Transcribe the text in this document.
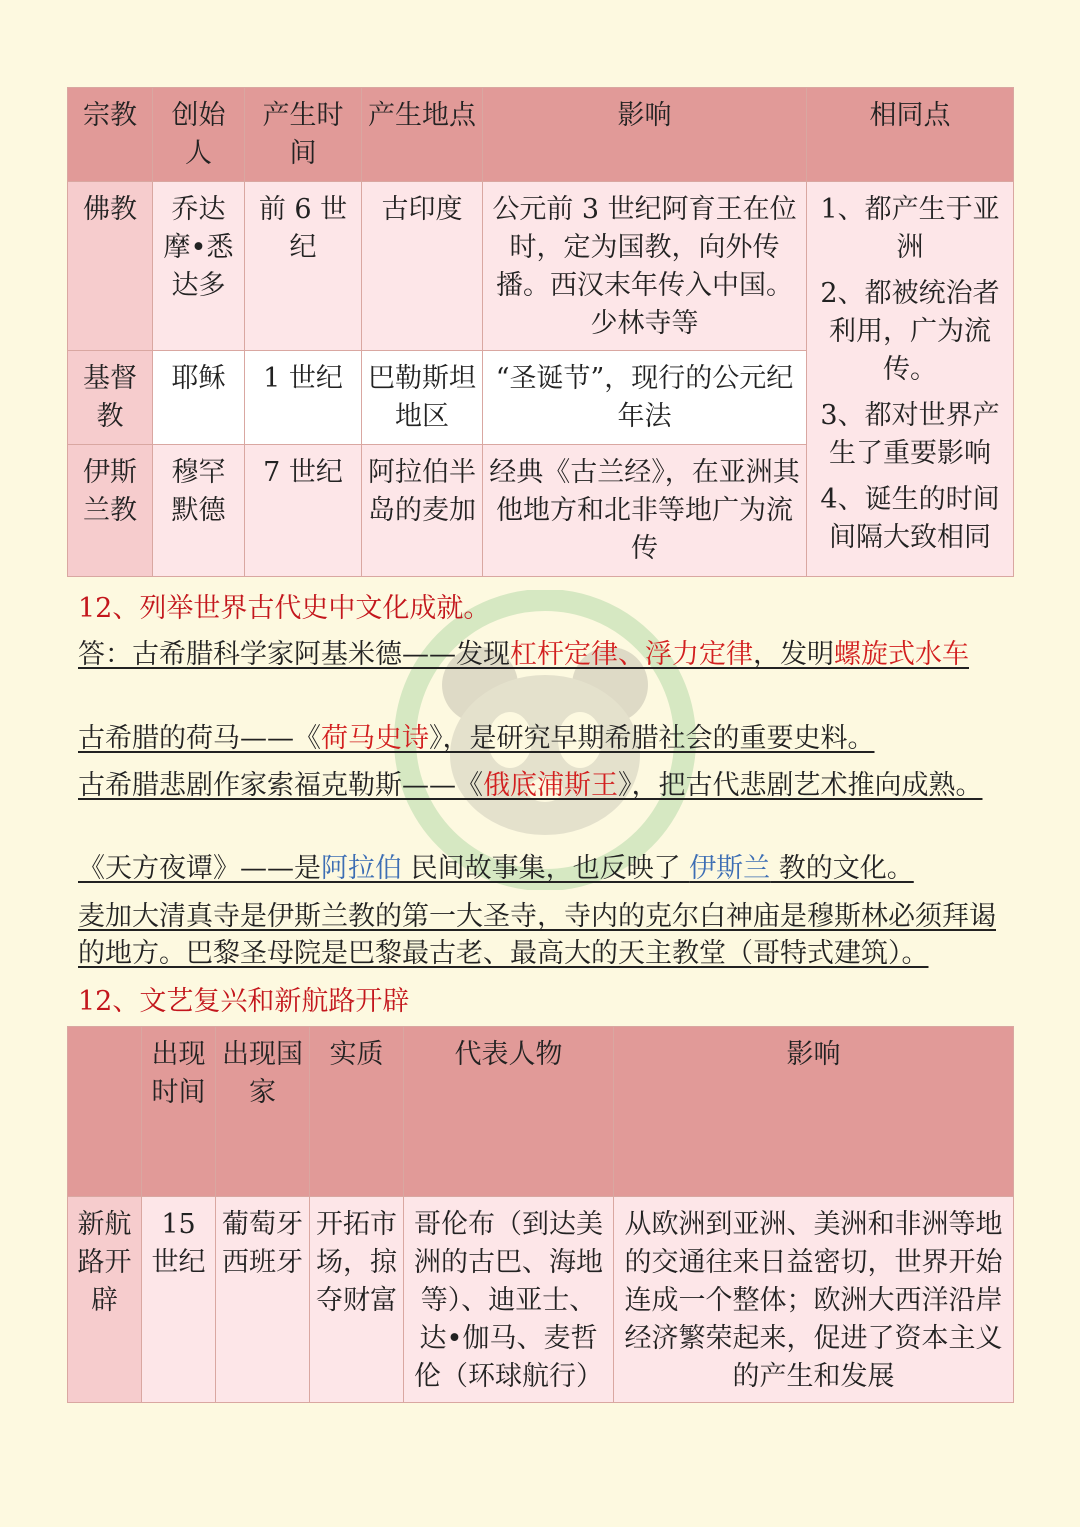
宗教	创始人	产生时间	产生地点	影响	相同点
佛教	乔达摩•悉达多	前 6 世纪	古印度	公元前 3 世纪阿育王在位时，定为国教，向外传播。西汉末年传入中国。少林寺等	1、都产生于亚洲

2、都被统治者利用，广为流传。

3、都对世界产生了重要影响

4、诞生的时间间隔大致相同

基督教	耶稣	1 世纪	巴勒斯坦地区	“圣诞节”，现行的公元纪年法	
伊斯兰教	穆罕默德	7 世纪	阿拉伯半岛的麦加	经典《古兰经》，在亚洲其他地方和北非等地广为流传	
12、列举世界古代史中文化成就。
答：古希腊科学家阿基米德——发现杠杆定律、浮力定律，发明螺旋式水车
古希腊的荷马——《荷马史诗》，是研究早期希腊社会的重要史料。
古希腊悲剧作家索福克勒斯——《俄底浦斯王》，把古代悲剧艺术推向成熟。
《天方夜谭》——是阿拉伯 民间故事集，也反映了 伊斯兰 教的文化。
麦加大清真寺是伊斯兰教的第一大圣寺，寺内的克尔白神庙是穆斯林必须拜谒的地方。巴黎圣母院是巴黎最古老、最高大的天主教堂（哥特式建筑）。
12、文艺复兴和新航路开辟
	出现时间	出现国家	实质	代表人物	影响
新航路开辟	15 世纪	葡萄牙西班牙	开拓市场，掠夺财富	哥伦布（到达美洲的古巴、海地等）、迪亚士、达•伽马、麦哲伦（环球航行）	从欧洲到亚洲、美洲和非洲等地的交通往来日益密切，世界开始连成一个整体；欧洲大西洋沿岸经济繁荣起来，促进了资本主义的产生和发展
